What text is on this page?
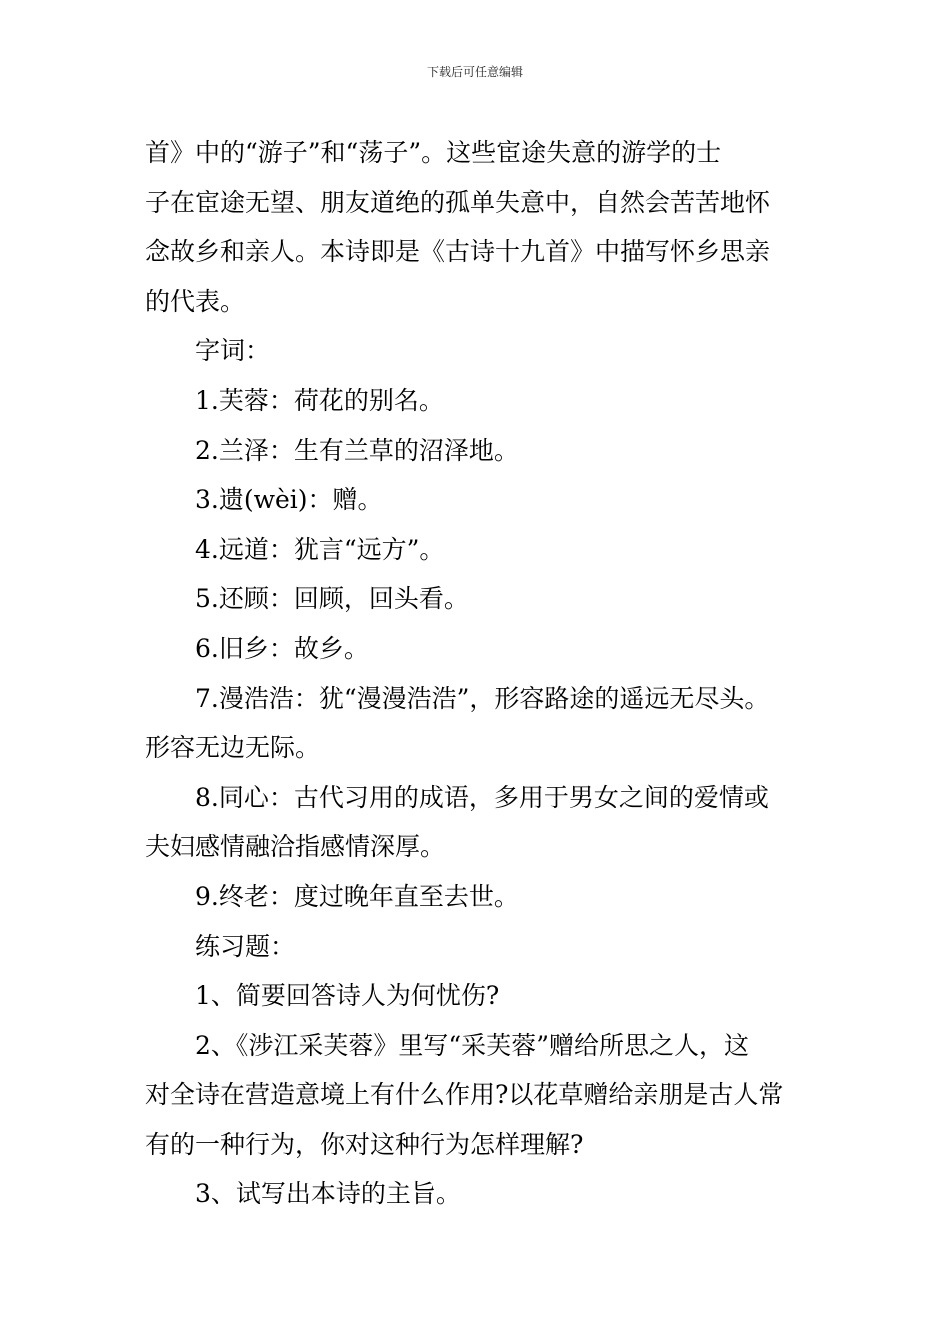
下载后可任意编辑
首》中的“游子”和“荡子”。这些宦途失意的游学的士
子在宦途无望、朋友道绝的孤单失意中，自然会苦苦地怀
念故乡和亲人。本诗即是《古诗十九首》中描写怀乡思亲
的代表。
字词：
1.芙蓉：荷花的别名。
2.兰泽：生有兰草的沼泽地。
3.遗(wèi)：赠。
4.远道：犹言“远方”。
5.还顾：回顾，回头看。
6.旧乡：故乡。
7.漫浩浩：犹“漫漫浩浩”，形容路途的遥远无尽头。
形容无边无际。
8.同心：古代习用的成语，多用于男女之间的爱情或
夫妇感情融洽指感情深厚。
9.终老：度过晚年直至去世。
练习题：
1、简要回答诗人为何忧伤?
2、《涉江采芙蓉》里写“采芙蓉”赠给所思之人，这
对全诗在营造意境上有什么作用?以花草赠给亲朋是古人常
有的一种行为，你对这种行为怎样理解?
3、试写出本诗的主旨。
